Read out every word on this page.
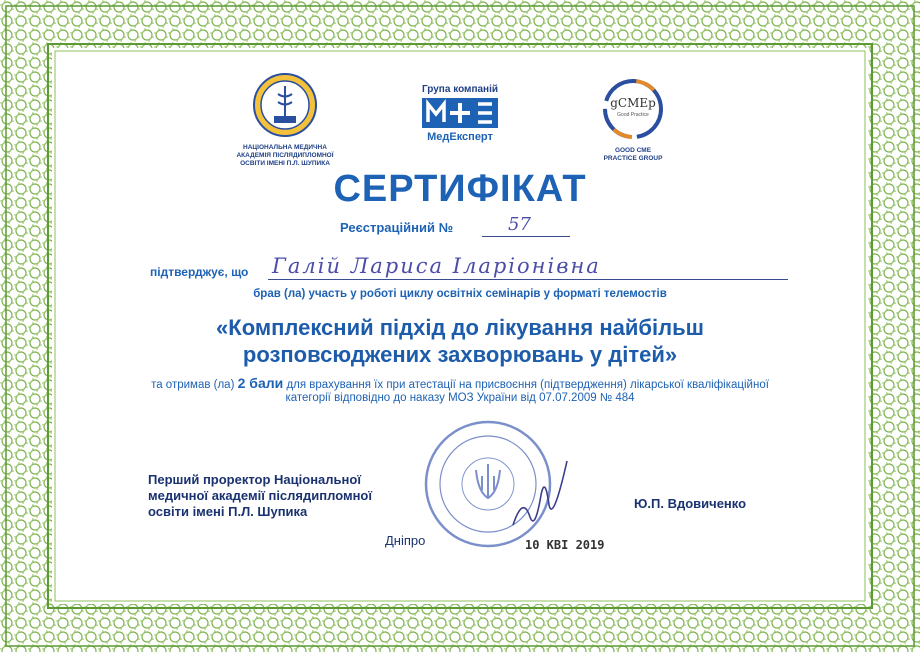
НАЦІОНАЛЬНА МЕДИЧНА
АКАДЕМІЯ ПІСЛЯДИПЛОМНОЇ
ОСВІТИ ІМЕНІ П.Л. ШУПИКА
Група компаній
МедЕксперт
gCMEp
Good Practice
GOOD CME
PRACTICE GROUP
СЕРТИФІКАТ
Реєстраційний №	57
підтверджує, що Галій Лариса Іларіонівна
брав (ла) участь у роботі циклу освітніх семінарів у форматі телемостів
«Комплексний підхід до лікування найбільш
розповсюджених захворювань у дітей»
та отримав (ла) 2 бали для врахування їх при атестації на присвоєння (підтвердження) лікарської кваліфікаційної
категорії відповідно до наказу МОЗ України від 07.07.2009 № 484
Перший проректор Національної
медичної академії післядипломної
освіти імені П.Л. Шупика
Ю.П. Вдовиченко
Дніпро	10 КВІ 2019
